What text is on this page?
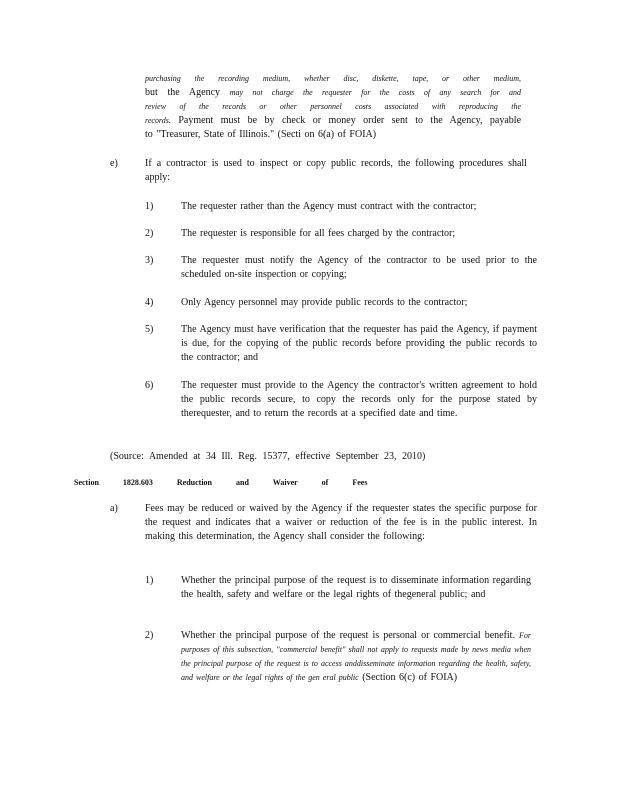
purchasing the recording medium, whether disc, diskette, tape, or other medium,
but the Agency may not charge the requester for the costs of any search for and
review of the records or other personnel costs associated with reproducing the
records. Payment must be by check or money order sent to the Agency, payable
to "Treasurer, State of Illinois." (Secti on 6(a) of FOIA)
e)	If a contractor is used to inspect or copy public records, the following procedures shall apply:
1)	The requester rather than the Agency must contract with the contractor;
2)	The requester is responsible for all fees charged by the contractor;
3)	The requester must notify the Agency of the contractor to be used prior to the scheduled on-site inspection or copying;
4)	Only Agency personnel may provide public records to the contractor;
5)	The Agency must have verification that the requester has paid the Agency, if payment is due, for the copying of the public records before providing the public records to the contractor; and
6)	The requester must provide to the Agency the contractor's written agreement to hold the public records secure, to copy the records only for the purpose stated by therequester, and to return the records at a specified date and time.
(Source: Amended at 34 Ill. Reg. 15377, effective September 23, 2010)
Section	1828.603	Reduction	and	Waiver	of	Fees
a)	Fees may be reduced or waived by the Agency if the requester states the specific purpose for the request and indicates that a waiver or reduction of the fee is in the public interest. In making this determination, the Agency shall consider the following:
1)	Whether the principal purpose of the request is to disseminate information regarding the health, safety and welfare or the legal rights of thegeneral public; and
2)	Whether the principal purpose of the request is personal or commercial benefit. For purposes of this subsection, "commercial benefit" shall not apply to requests made by news media when the principal purpose of the request is to access anddisseminate information regarding the health, safety, and welfare or the legal rights of the gen eral public (Section 6(c) of FOIA)
